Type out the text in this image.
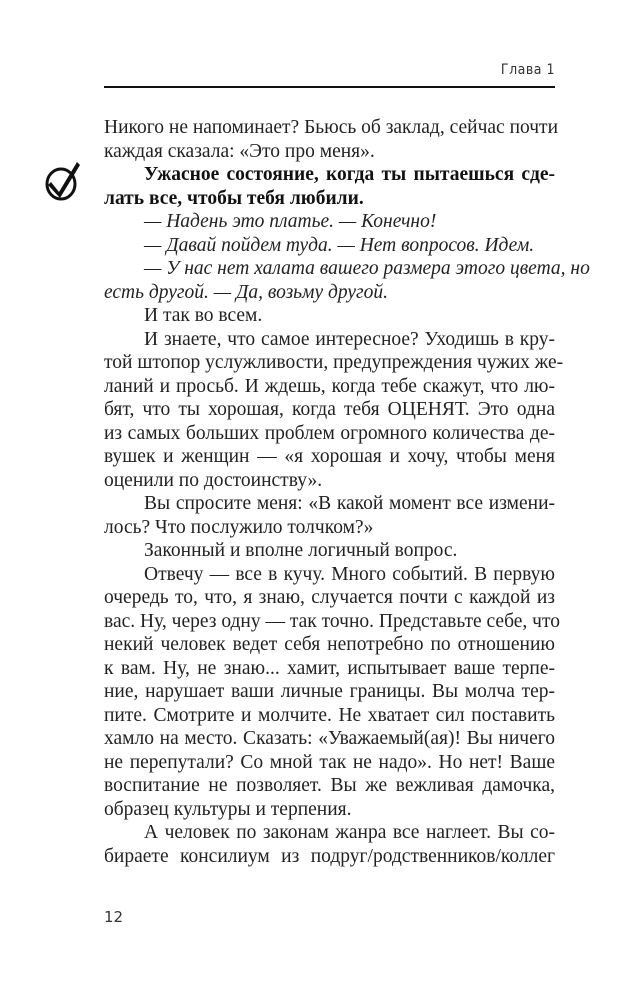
Глава 1
Никого не напоминает? Бьюсь об заклад, сейчас почти
каждая сказала: «Это про меня».
Ужасное состояние, когда ты пытаешься сде-
лать все, чтобы тебя любили.
— Надень это платье. — Конечно!
— Давай пойдем туда. — Нет вопросов. Идем.
— У нас нет халата вашего размера этого цвета, но
есть другой. — Да, возьму другой.
И так во всем.
И знаете, что самое интересное? Уходишь в кру-
той штопор услужливости, предупреждения чужих же-
ланий и просьб. И ждешь, когда тебе скажут, что лю-
бят, что ты хорошая, когда тебя ОЦЕНЯТ. Это одна
из самых больших проблем огромного количества де-
вушек и женщин — «я хорошая и хочу, чтобы меня
оценили по достоинству».
Вы спросите меня: «В какой момент все измени-
лось? Что послужило толчком?»
Законный и вполне логичный вопрос.
Отвечу — все в кучу. Много событий. В первую
очередь то, что, я знаю, случается почти с каждой из
вас. Ну, через одну — так точно. Представьте себе, что
некий человек ведет себя непотребно по отношению
к вам. Ну, не знаю... хамит, испытывает ваше терпе-
ние, нарушает ваши личные границы. Вы молча тер-
пите. Смотрите и молчите. Не хватает сил поставить
хамло на место. Сказать: «Уважаемый(ая)! Вы ничего
не перепутали? Со мной так не надо». Но нет! Ваше
воспитание не позволяет. Вы же вежливая дамочка,
образец культуры и терпения.
А человек по законам жанра все наглеет. Вы со-
бираете консилиум из подруг/родственников/коллег
12
